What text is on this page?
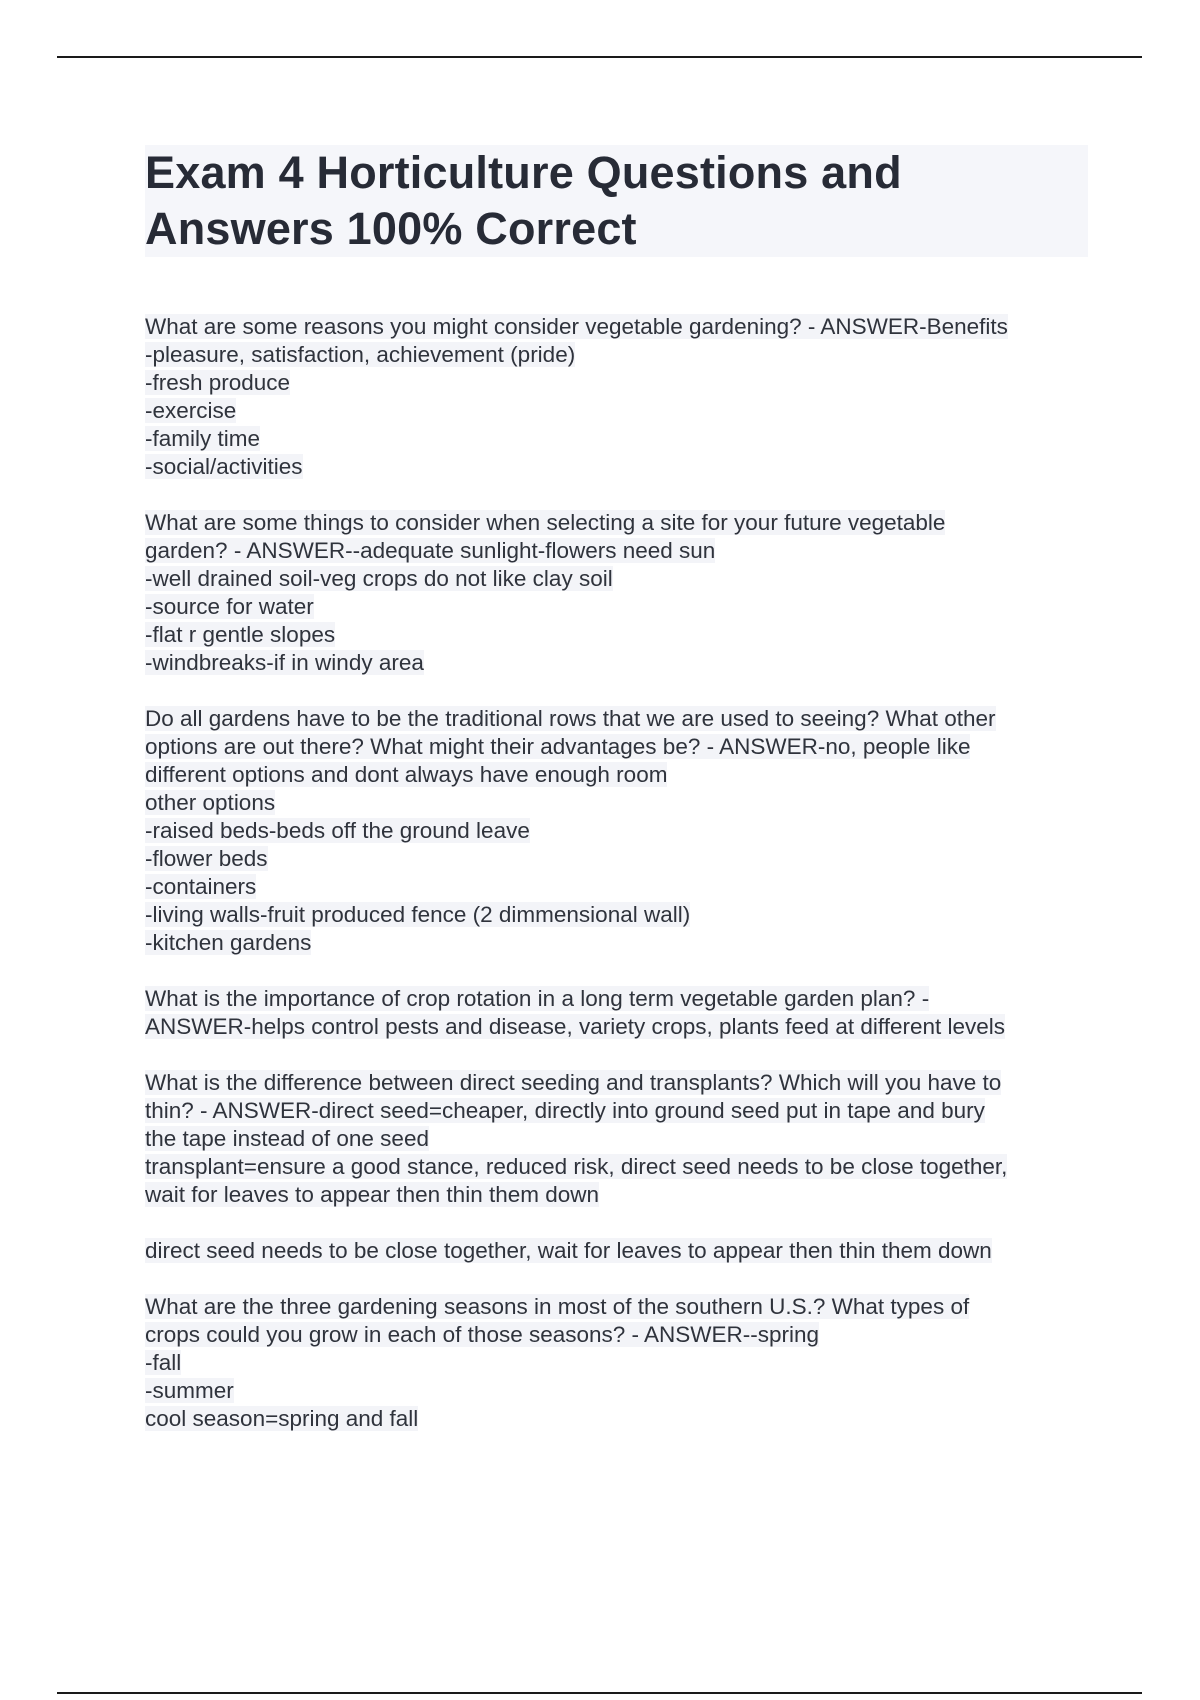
Exam 4 Horticulture Questions and
Answers 100% Correct
What are some reasons you might consider vegetable gardening? - ANSWER-Benefits
-pleasure, satisfaction, achievement (pride)
-fresh produce
-exercise
-family time
-social/activities
What are some things to consider when selecting a site for your future vegetable
garden? - ANSWER--adequate sunlight-flowers need sun
-well drained soil-veg crops do not like clay soil
-source for water
-flat r gentle slopes
-windbreaks-if in windy area
Do all gardens have to be the traditional rows that we are used to seeing? What other
options are out there? What might their advantages be? - ANSWER-no, people like
different options and dont always have enough room
other options
-raised beds-beds off the ground leave
-flower beds
-containers
-living walls-fruit produced fence (2 dimmensional wall)
-kitchen gardens
What is the importance of crop rotation in a long term vegetable garden plan? -
ANSWER-helps control pests and disease, variety crops, plants feed at different levels
What is the difference between direct seeding and transplants? Which will you have to
thin? - ANSWER-direct seed=cheaper, directly into ground seed put in tape and bury
the tape instead of one seed
transplant=ensure a good stance, reduced risk, direct seed needs to be close together,
wait for leaves to appear then thin them down
direct seed needs to be close together, wait for leaves to appear then thin them down
What are the three gardening seasons in most of the southern U.S.? What types of
crops could you grow in each of those seasons? - ANSWER--spring
-fall
-summer
cool season=spring and fall
